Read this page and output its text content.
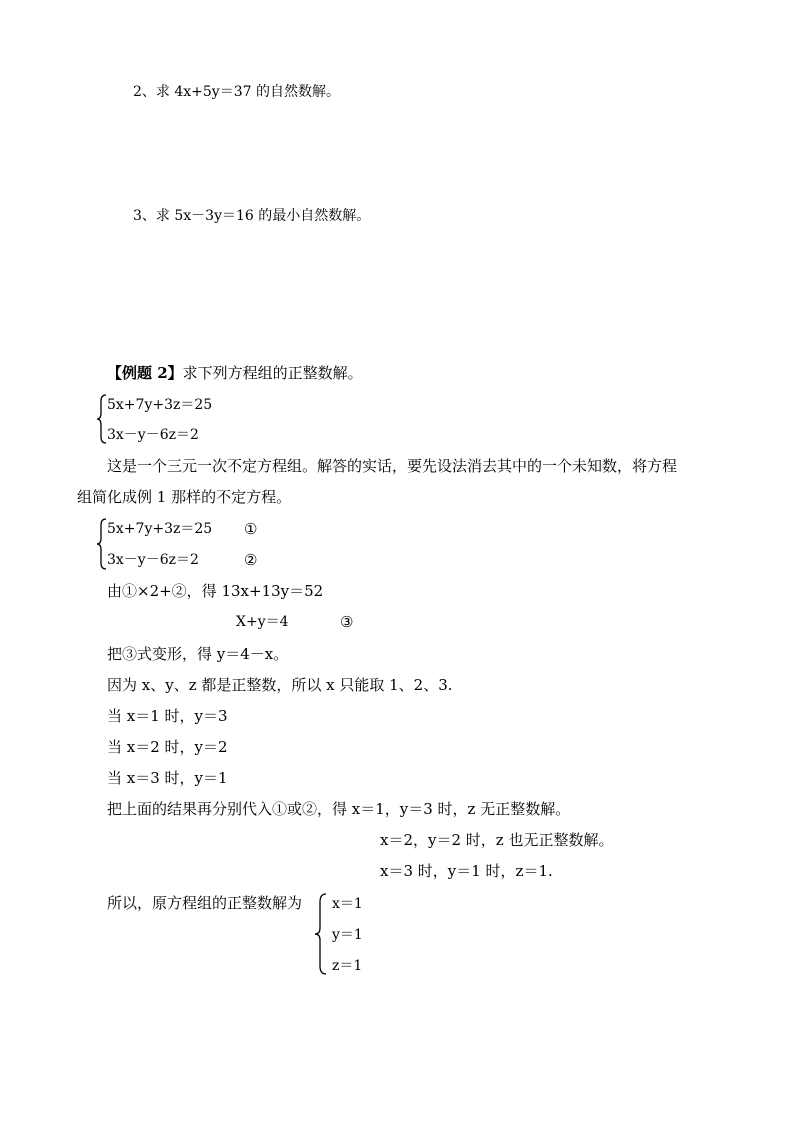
2、求 4x+5y＝37 的自然数解。
3、求 5x－3y＝16 的最小自然数解。
【例题 2】求下列方程组的正整数解。
5x+7y+3z＝25
3x－y－6z＝2
这是一个三元一次不定方程组。解答的实话，要先设法消去其中的一个未知数，将方程
组简化成例 1 那样的不定方程。
5x+7y+3z＝25 ①
3x－y－6z＝2	②
由①×2+②，得 13x+13y＝52
X+y＝4	③
把③式变形，得 y＝4－x。
因为 x、y、z 都是正整数，所以 x 只能取 1、2、3.
当 x＝1 时，y＝3
当 x＝2 时，y＝2
当 x＝3 时，y＝1
把上面的结果再分别代入①或②，得 x＝1，y＝3 时，z 无正整数解。
x＝2，y＝2 时，z 也无正整数解。
x＝3 时，y＝1 时，z＝1.
所以，原方程组的正整数解为 x＝1
y＝1
z＝1
